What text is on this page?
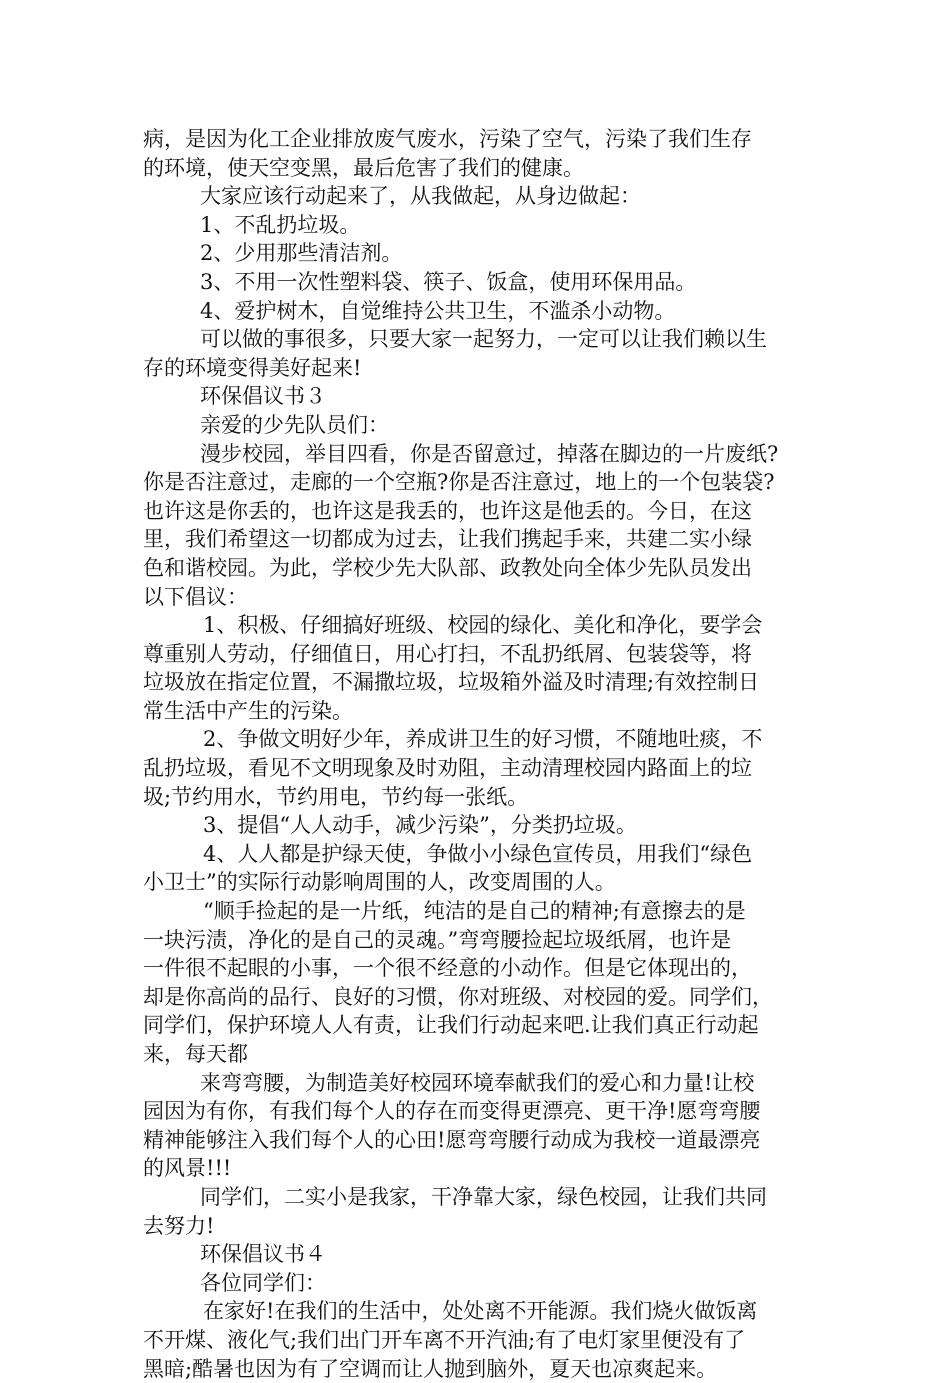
病，是因为化工企业排放废气废水，污染了空气，污染了我们生存
的环境，使天空变黑，最后危害了我们的健康。
大家应该行动起来了，从我做起，从身边做起：
1、不乱扔垃圾。
2、少用那些清洁剂。
3、不用一次性塑料袋、筷子、饭盒，使用环保用品。
4、爱护树木，自觉维持公共卫生，不滥杀小动物。
可以做的事很多，只要大家一起努力，一定可以让我们赖以生
存的环境变得美好起来!
环保倡议书３
亲爱的少先队员们：
漫步校园，举目四看，你是否留意过，掉落在脚边的一片废纸?
你是否注意过，走廊的一个空瓶?你是否注意过，地上的一个包装袋?
也许这是你丢的，也许这是我丢的，也许这是他丢的。今日，在这
里，我们希望这一切都成为过去，让我们携起手来，共建二实小绿
色和谐校园。为此，学校少先大队部、政教处向全体少先队员发出
以下倡议：
1、积极、仔细搞好班级、校园的绿化、美化和净化，要学会
尊重别人劳动，仔细值日，用心打扫，不乱扔纸屑、包装袋等，将
垃圾放在指定位置，不漏撒垃圾，垃圾箱外溢及时清理;有效控制日
常生活中产生的污染。
2、争做文明好少年，养成讲卫生的好习惯，不随地吐痰，不
乱扔垃圾，看见不文明现象及时劝阻，主动清理校园内路面上的垃
圾;节约用水，节约用电，节约每一张纸。
3、提倡“人人动手，减少污染”，分类扔垃圾。
4、人人都是护绿天使，争做小小绿色宣传员，用我们“绿色
小卫士”的实际行动影响周围的人，改变周围的人。
“顺手捡起的是一片纸，纯洁的是自己的精神;有意擦去的是
一块污渍，净化的是自己的灵魂。”弯弯腰捡起垃圾纸屑，也许是
一件很不起眼的小事，一个很不经意的小动作。但是它体现出的，
却是你高尚的品行、良好的习惯，你对班级、对校园的爱。同学们，
同学们，保护环境人人有责，让我们行动起来吧.让我们真正行动起
来，每天都
来弯弯腰，为制造美好校园环境奉献我们的爱心和力量!让校
园因为有你，有我们每个人的存在而变得更漂亮、更干净!愿弯弯腰
精神能够注入我们每个人的心田!愿弯弯腰行动成为我校一道最漂亮
的风景!!!
同学们，二实小是我家，干净靠大家，绿色校园，让我们共同
去努力!
环保倡议书４
各位同学们：
在家好!在我们的生活中，处处离不开能源。我们烧火做饭离
不开煤、液化气;我们出门开车离不开汽油;有了电灯家里便没有了
黑暗;酷暑也因为有了空调而让人抛到脑外，夏天也凉爽起来。
